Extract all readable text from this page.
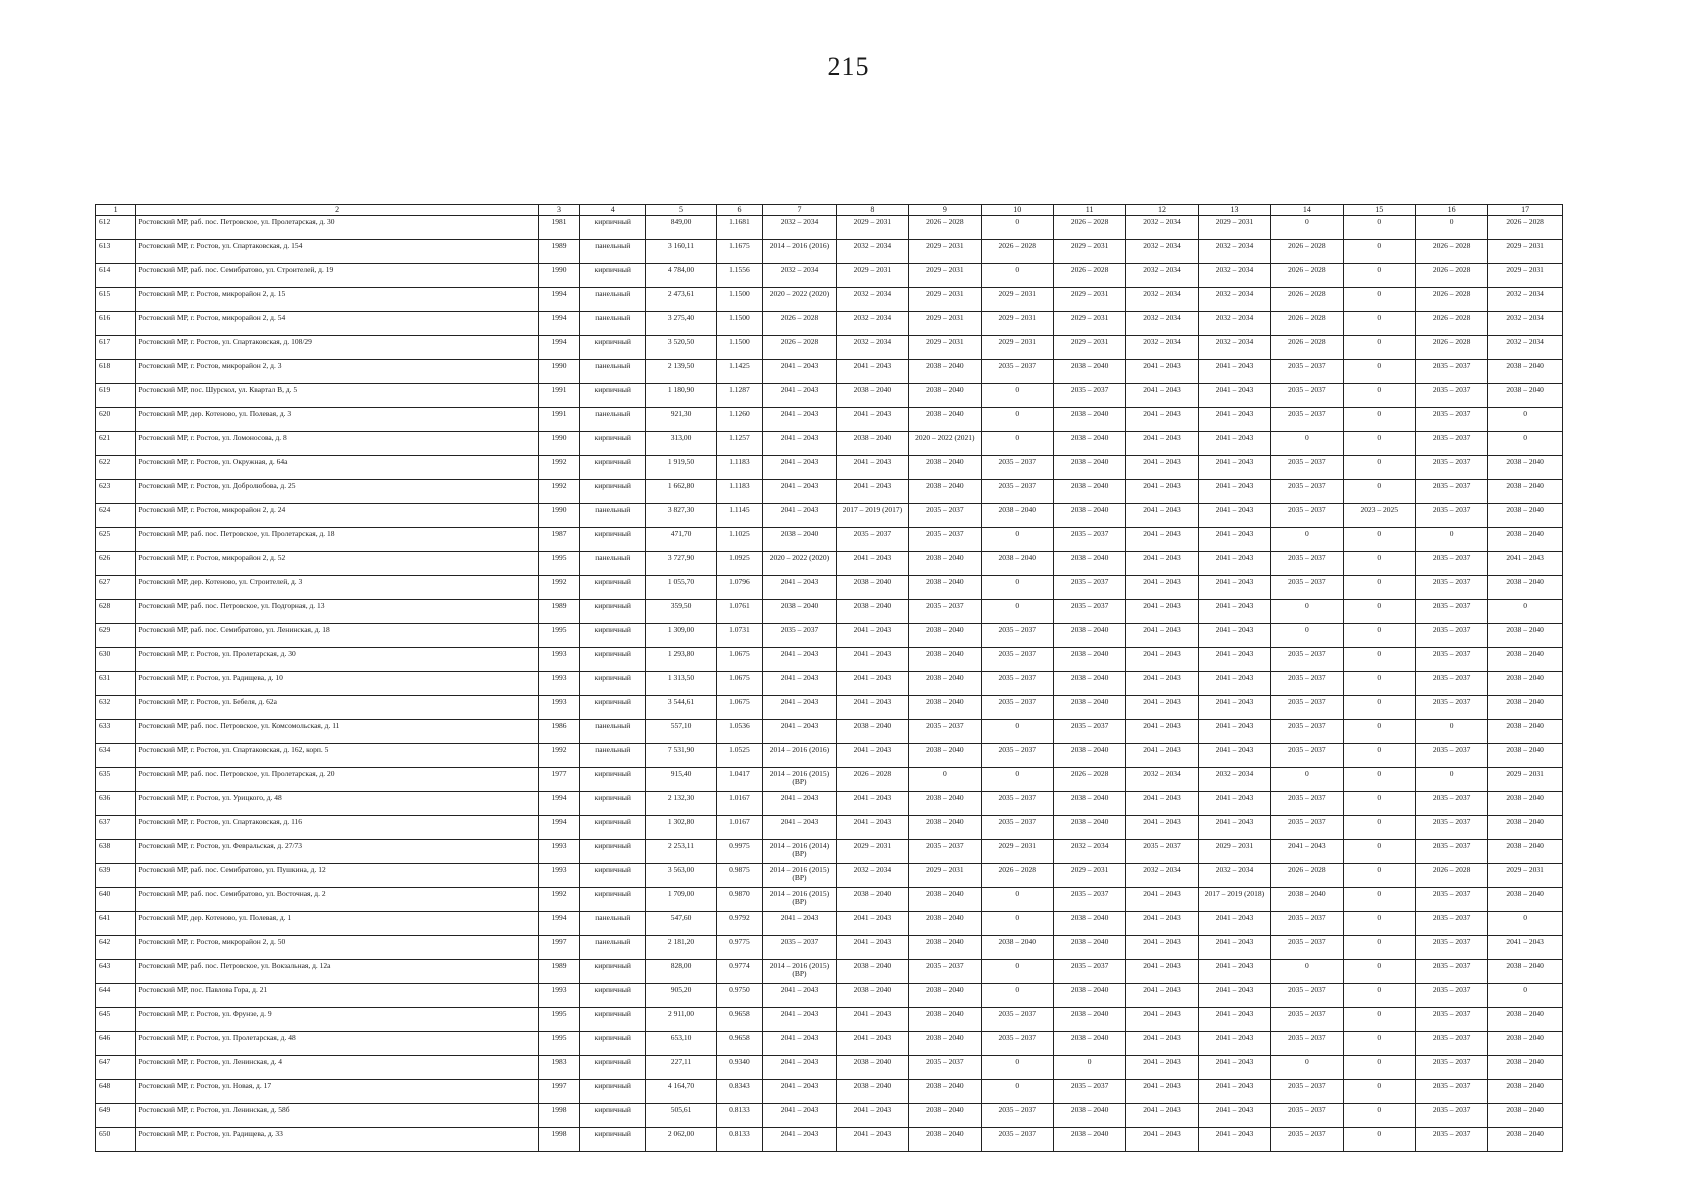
215
1	2	3	4	5	6	7	8	9	10	11	12	13	14	15	16	17
612	Ростовский МР, раб. пос. Петровское, ул. Пролетарская, д. 30	1981	кирпичный	849,00	1.1681	2032 – 2034	2029 – 2031	2026 – 2028	0	2026 – 2028	2032 – 2034	2029 – 2031	0	0	0	2026 – 2028
613	Ростовский МР, г. Ростов, ул. Спартаковская, д. 154	1989	панельный	3 160,11	1.1675	2014 – 2016 (2016)	2032 – 2034	2029 – 2031	2026 – 2028	2029 – 2031	2032 – 2034	2032 – 2034	2026 – 2028	0	2026 – 2028	2029 – 2031
614	Ростовский МР, раб. пос. Семибратово, ул. Строителей, д. 19	1990	кирпичный	4 784,00	1.1556	2032 – 2034	2029 – 2031	2029 – 2031	0	2026 – 2028	2032 – 2034	2032 – 2034	2026 – 2028	0	2026 – 2028	2029 – 2031
615	Ростовский МР, г. Ростов, микрорайон 2, д. 15	1994	панельный	2 473,61	1.1500	2020 – 2022 (2020)	2032 – 2034	2029 – 2031	2029 – 2031	2029 – 2031	2032 – 2034	2032 – 2034	2026 – 2028	0	2026 – 2028	2032 – 2034
616	Ростовский МР, г. Ростов, микрорайон 2, д. 54	1994	панельный	3 275,40	1.1500	2026 – 2028	2032 – 2034	2029 – 2031	2029 – 2031	2029 – 2031	2032 – 2034	2032 – 2034	2026 – 2028	0	2026 – 2028	2032 – 2034
617	Ростовский МР, г. Ростов, ул. Спартаковская, д. 108/29	1994	кирпичный	3 520,50	1.1500	2026 – 2028	2032 – 2034	2029 – 2031	2029 – 2031	2029 – 2031	2032 – 2034	2032 – 2034	2026 – 2028	0	2026 – 2028	2032 – 2034
618	Ростовский МР, г. Ростов, микрорайон 2, д. 3	1990	панельный	2 139,50	1.1425	2041 – 2043	2041 – 2043	2038 – 2040	2035 – 2037	2038 – 2040	2041 – 2043	2041 – 2043	2035 – 2037	0	2035 – 2037	2038 – 2040
619	Ростовский МР, пос. Шурскол, ул. Квартал В, д. 5	1991	кирпичный	1 180,90	1.1287	2041 – 2043	2038 – 2040	2038 – 2040	0	2035 – 2037	2041 – 2043	2041 – 2043	2035 – 2037	0	2035 – 2037	2038 – 2040
620	Ростовский МР, дер. Котеново, ул. Полевая, д. 3	1991	панельный	921,30	1.1260	2041 – 2043	2041 – 2043	2038 – 2040	0	2038 – 2040	2041 – 2043	2041 – 2043	2035 – 2037	0	2035 – 2037	0
621	Ростовский МР, г. Ростов, ул. Ломоносова, д. 8	1990	кирпичный	313,00	1.1257	2041 – 2043	2038 – 2040	2020 – 2022 (2021)	0	2038 – 2040	2041 – 2043	2041 – 2043	0	0	2035 – 2037	0
622	Ростовский МР, г. Ростов, ул. Окружная, д. 64а	1992	кирпичный	1 919,50	1.1183	2041 – 2043	2041 – 2043	2038 – 2040	2035 – 2037	2038 – 2040	2041 – 2043	2041 – 2043	2035 – 2037	0	2035 – 2037	2038 – 2040
623	Ростовский МР, г. Ростов, ул. Добролюбова, д. 25	1992	кирпичный	1 662,80	1.1183	2041 – 2043	2041 – 2043	2038 – 2040	2035 – 2037	2038 – 2040	2041 – 2043	2041 – 2043	2035 – 2037	0	2035 – 2037	2038 – 2040
624	Ростовский МР, г. Ростов, микрорайон 2, д. 24	1990	панельный	3 827,30	1.1145	2041 – 2043	2017 – 2019 (2017)	2035 – 2037	2038 – 2040	2038 – 2040	2041 – 2043	2041 – 2043	2035 – 2037	2023 – 2025	2035 – 2037	2038 – 2040
625	Ростовский МР, раб. пос. Петровское, ул. Пролетарская, д. 18	1987	кирпичный	471,70	1.1025	2038 – 2040	2035 – 2037	2035 – 2037	0	2035 – 2037	2041 – 2043	2041 – 2043	0	0	0	2038 – 2040
626	Ростовский МР, г. Ростов, микрорайон 2, д. 52	1995	панельный	3 727,90	1.0925	2020 – 2022 (2020)	2041 – 2043	2038 – 2040	2038 – 2040	2038 – 2040	2041 – 2043	2041 – 2043	2035 – 2037	0	2035 – 2037	2041 – 2043
627	Ростовский МР, дер. Котеново, ул. Строителей, д. 3	1992	кирпичный	1 055,70	1.0796	2041 – 2043	2038 – 2040	2038 – 2040	0	2035 – 2037	2041 – 2043	2041 – 2043	2035 – 2037	0	2035 – 2037	2038 – 2040
628	Ростовский МР, раб. пос. Петровское, ул. Подгорная, д. 13	1989	кирпичный	359,50	1.0761	2038 – 2040	2038 – 2040	2035 – 2037	0	2035 – 2037	2041 – 2043	2041 – 2043	0	0	2035 – 2037	0
629	Ростовский МР, раб. пос. Семибратово, ул. Ленинская, д. 18	1995	кирпичный	1 309,00	1.0731	2035 – 2037	2041 – 2043	2038 – 2040	2035 – 2037	2038 – 2040	2041 – 2043	2041 – 2043	0	0	2035 – 2037	2038 – 2040
630	Ростовский МР, г. Ростов, ул. Пролетарская, д. 30	1993	кирпичный	1 293,80	1.0675	2041 – 2043	2041 – 2043	2038 – 2040	2035 – 2037	2038 – 2040	2041 – 2043	2041 – 2043	2035 – 2037	0	2035 – 2037	2038 – 2040
631	Ростовский МР, г. Ростов, ул. Радищева, д. 10	1993	кирпичный	1 313,50	1.0675	2041 – 2043	2041 – 2043	2038 – 2040	2035 – 2037	2038 – 2040	2041 – 2043	2041 – 2043	2035 – 2037	0	2035 – 2037	2038 – 2040
632	Ростовский МР, г. Ростов, ул. Бебеля, д. 62а	1993	кирпичный	3 544,61	1.0675	2041 – 2043	2041 – 2043	2038 – 2040	2035 – 2037	2038 – 2040	2041 – 2043	2041 – 2043	2035 – 2037	0	2035 – 2037	2038 – 2040
633	Ростовский МР, раб. пос. Петровское, ул. Комсомольская, д. 11	1986	панельный	557,10	1.0536	2041 – 2043	2038 – 2040	2035 – 2037	0	2035 – 2037	2041 – 2043	2041 – 2043	2035 – 2037	0	0	2038 – 2040
634	Ростовский МР, г. Ростов, ул. Спартаковская, д. 162, корп. 5	1992	панельный	7 531,90	1.0525	2014 – 2016 (2016)	2041 – 2043	2038 – 2040	2035 – 2037	2038 – 2040	2041 – 2043	2041 – 2043	2035 – 2037	0	2035 – 2037	2038 – 2040
635	Ростовский МР, раб. пос. Петровское, ул. Пролетарская, д. 20	1977	кирпичный	915,40	1.0417	2014 – 2016 (2015) (ВР)	2026 – 2028	0	0	2026 – 2028	2032 – 2034	2032 – 2034	0	0	0	2029 – 2031
636	Ростовский МР, г. Ростов, ул. Урицкого, д. 48	1994	кирпичный	2 132,30	1.0167	2041 – 2043	2041 – 2043	2038 – 2040	2035 – 2037	2038 – 2040	2041 – 2043	2041 – 2043	2035 – 2037	0	2035 – 2037	2038 – 2040
637	Ростовский МР, г. Ростов, ул. Спартаковская, д. 116	1994	кирпичный	1 302,80	1.0167	2041 – 2043	2041 – 2043	2038 – 2040	2035 – 2037	2038 – 2040	2041 – 2043	2041 – 2043	2035 – 2037	0	2035 – 2037	2038 – 2040
638	Ростовский МР, г. Ростов, ул. Февральская, д. 27/73	1993	кирпичный	2 253,11	0.9975	2014 – 2016 (2014) (ВР)	2029 – 2031	2035 – 2037	2029 – 2031	2032 – 2034	2035 – 2037	2029 – 2031	2041 – 2043	0	2035 – 2037	2038 – 2040
639	Ростовский МР, раб. пос. Семибратово, ул. Пушкина, д. 12	1993	кирпичный	3 563,00	0.9875	2014 – 2016 (2015) (ВР)	2032 – 2034	2029 – 2031	2026 – 2028	2029 – 2031	2032 – 2034	2032 – 2034	2026 – 2028	0	2026 – 2028	2029 – 2031
640	Ростовский МР, раб. пос. Семибратово, ул. Восточная, д. 2	1992	кирпичный	1 709,00	0.9870	2014 – 2016 (2015) (ВР)	2038 – 2040	2038 – 2040	0	2035 – 2037	2041 – 2043	2017 – 2019 (2018)	2038 – 2040	0	2035 – 2037	2038 – 2040
641	Ростовский МР, дер. Котеново, ул. Полевая, д. 1	1994	панельный	547,60	0.9792	2041 – 2043	2041 – 2043	2038 – 2040	0	2038 – 2040	2041 – 2043	2041 – 2043	2035 – 2037	0	2035 – 2037	0
642	Ростовский МР, г. Ростов, микрорайон 2, д. 50	1997	панельный	2 181,20	0.9775	2035 – 2037	2041 – 2043	2038 – 2040	2038 – 2040	2038 – 2040	2041 – 2043	2041 – 2043	2035 – 2037	0	2035 – 2037	2041 – 2043
643	Ростовский МР, раб. пос. Петровское, ул. Вокзальная, д. 12а	1989	кирпичный	828,00	0.9774	2014 – 2016 (2015) (ВР)	2038 – 2040	2035 – 2037	0	2035 – 2037	2041 – 2043	2041 – 2043	0	0	2035 – 2037	2038 – 2040
644	Ростовский МР, пос. Павлова Гора, д. 21	1993	кирпичный	905,20	0.9750	2041 – 2043	2038 – 2040	2038 – 2040	0	2038 – 2040	2041 – 2043	2041 – 2043	2035 – 2037	0	2035 – 2037	0
645	Ростовский МР, г. Ростов, ул. Фрунзе, д. 9	1995	кирпичный	2 911,00	0.9658	2041 – 2043	2041 – 2043	2038 – 2040	2035 – 2037	2038 – 2040	2041 – 2043	2041 – 2043	2035 – 2037	0	2035 – 2037	2038 – 2040
646	Ростовский МР, г. Ростов, ул. Пролетарская, д. 48	1995	кирпичный	653,10	0.9658	2041 – 2043	2041 – 2043	2038 – 2040	2035 – 2037	2038 – 2040	2041 – 2043	2041 – 2043	2035 – 2037	0	2035 – 2037	2038 – 2040
647	Ростовский МР, г. Ростов, ул. Ленинская, д. 4	1983	кирпичный	227,11	0.9340	2041 – 2043	2038 – 2040	2035 – 2037	0	0	2041 – 2043	2041 – 2043	0	0	2035 – 2037	2038 – 2040
648	Ростовский МР, г. Ростов, ул. Новая, д. 17	1997	кирпичный	4 164,70	0.8343	2041 – 2043	2038 – 2040	2038 – 2040	0	2035 – 2037	2041 – 2043	2041 – 2043	2035 – 2037	0	2035 – 2037	2038 – 2040
649	Ростовский МР, г. Ростов, ул. Ленинская, д. 58б	1998	кирпичный	505,61	0.8133	2041 – 2043	2041 – 2043	2038 – 2040	2035 – 2037	2038 – 2040	2041 – 2043	2041 – 2043	2035 – 2037	0	2035 – 2037	2038 – 2040
650	Ростовский МР, г. Ростов, ул. Радищева, д. 33	1998	кирпичный	2 062,00	0.8133	2041 – 2043	2041 – 2043	2038 – 2040	2035 – 2037	2038 – 2040	2041 – 2043	2041 – 2043	2035 – 2037	0	2035 – 2037	2038 – 2040
